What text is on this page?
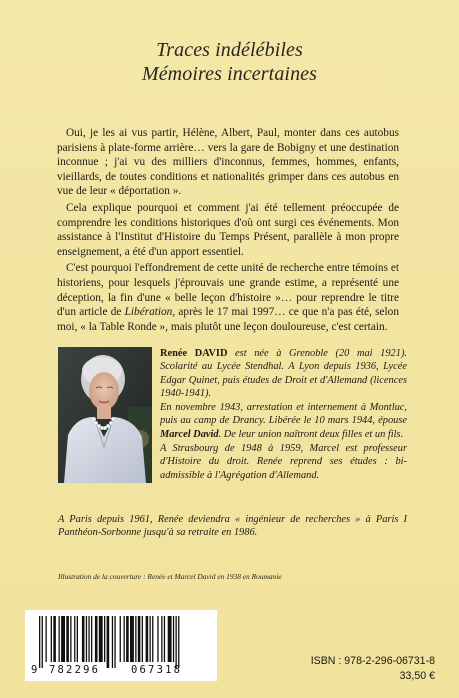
Traces indélébiles
Mémoires incertaines

Oui, je les ai vus partir, Hélène, Albert, Paul, monter dans ces autobus parisiens à plate-forme arrière… vers la gare de Bobigny et une destination inconnue ; j'ai vu des milliers d'inconnus, femmes, hommes, enfants, vieillards, de toutes conditions et nationalités grimper dans ces autobus en vue de leur « déportation ».

Cela explique pourquoi et comment j'ai été tellement préoccupée de comprendre les conditions historiques d'où ont surgi ces événements. Mon assistance à l'Institut d'Histoire du Temps Présent, parallèle à mon propre enseignement, a été d'un apport essentiel.

C'est pourquoi l'effondrement de cette unité de recherche entre témoins et historiens, pour lesquels j'éprouvais une grande estime, a représenté une déception, la fin d'une « belle leçon d'histoire »… pour reprendre le titre d'un article de Libération, après le 17 mai 1997… ce que n'a pas été, selon moi, « la Table Ronde », mais plutôt une leçon douloureuse, c'est certain.

Renée DAVID est née à Grenoble (20 mai 1921). Scolarité au Lycée Stendhal. A Lyon depuis 1936, Lycée Edgar Quinet, puis études de Droit et d'Allemand (licences 1940-1941).

En novembre 1943, arrestation et internement à Montluc, puis au camp de Drancy. Libérée le 10 mars 1944, épouse Marcel David. De leur union naîtront deux filles et un fils.

A Strasbourg de 1948 à 1959, Marcel est professeur d'Histoire du droit. Renée reprend ses études : bi-admissible à l'Agrégation d'Allemand.

A Paris depuis 1961, Renée deviendra « ingénieur de recherches » à Paris I Panthéon-Sorbonne jusqu'à sa retraite en 1986.

Illustration de la couverture : Renée et Marcel David en 1938 en Roumanie
9 782296	067318
ISBN : 978-2-296-06731-8
33,50 €
